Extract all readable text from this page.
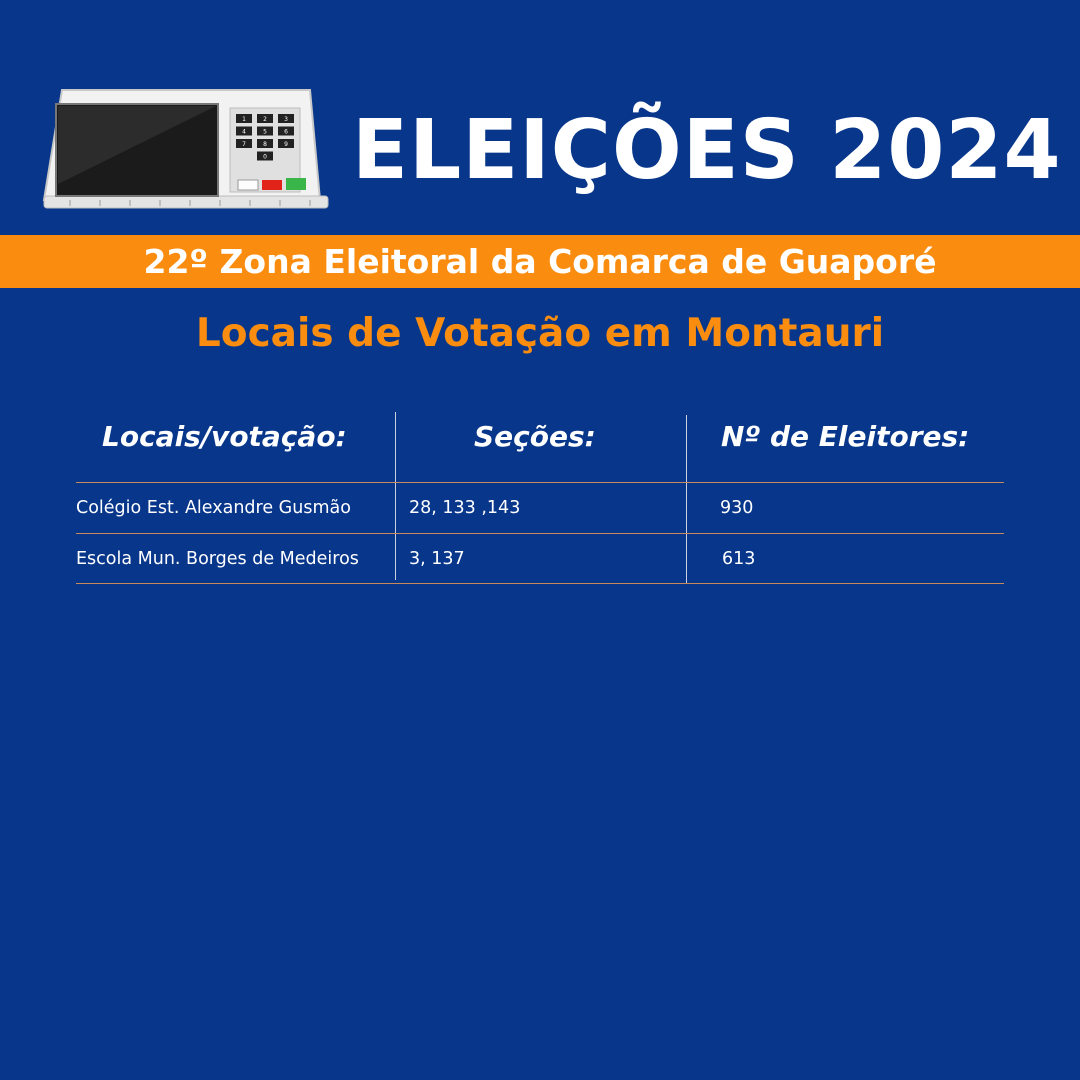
1	2	3
4	5	6
7	8	9
0 ELEIÇÕES 2024
22º Zona Eleitoral da Comarca de Guaporé
Locais de Votação em Montauri
Locais/votação:	Seções:	Nº de Eleitores:
Colégio Est. Alexandre Gusmão	28, 133 ,143	930
Escola Mun. Borges de Medeiros	3, 137	613
